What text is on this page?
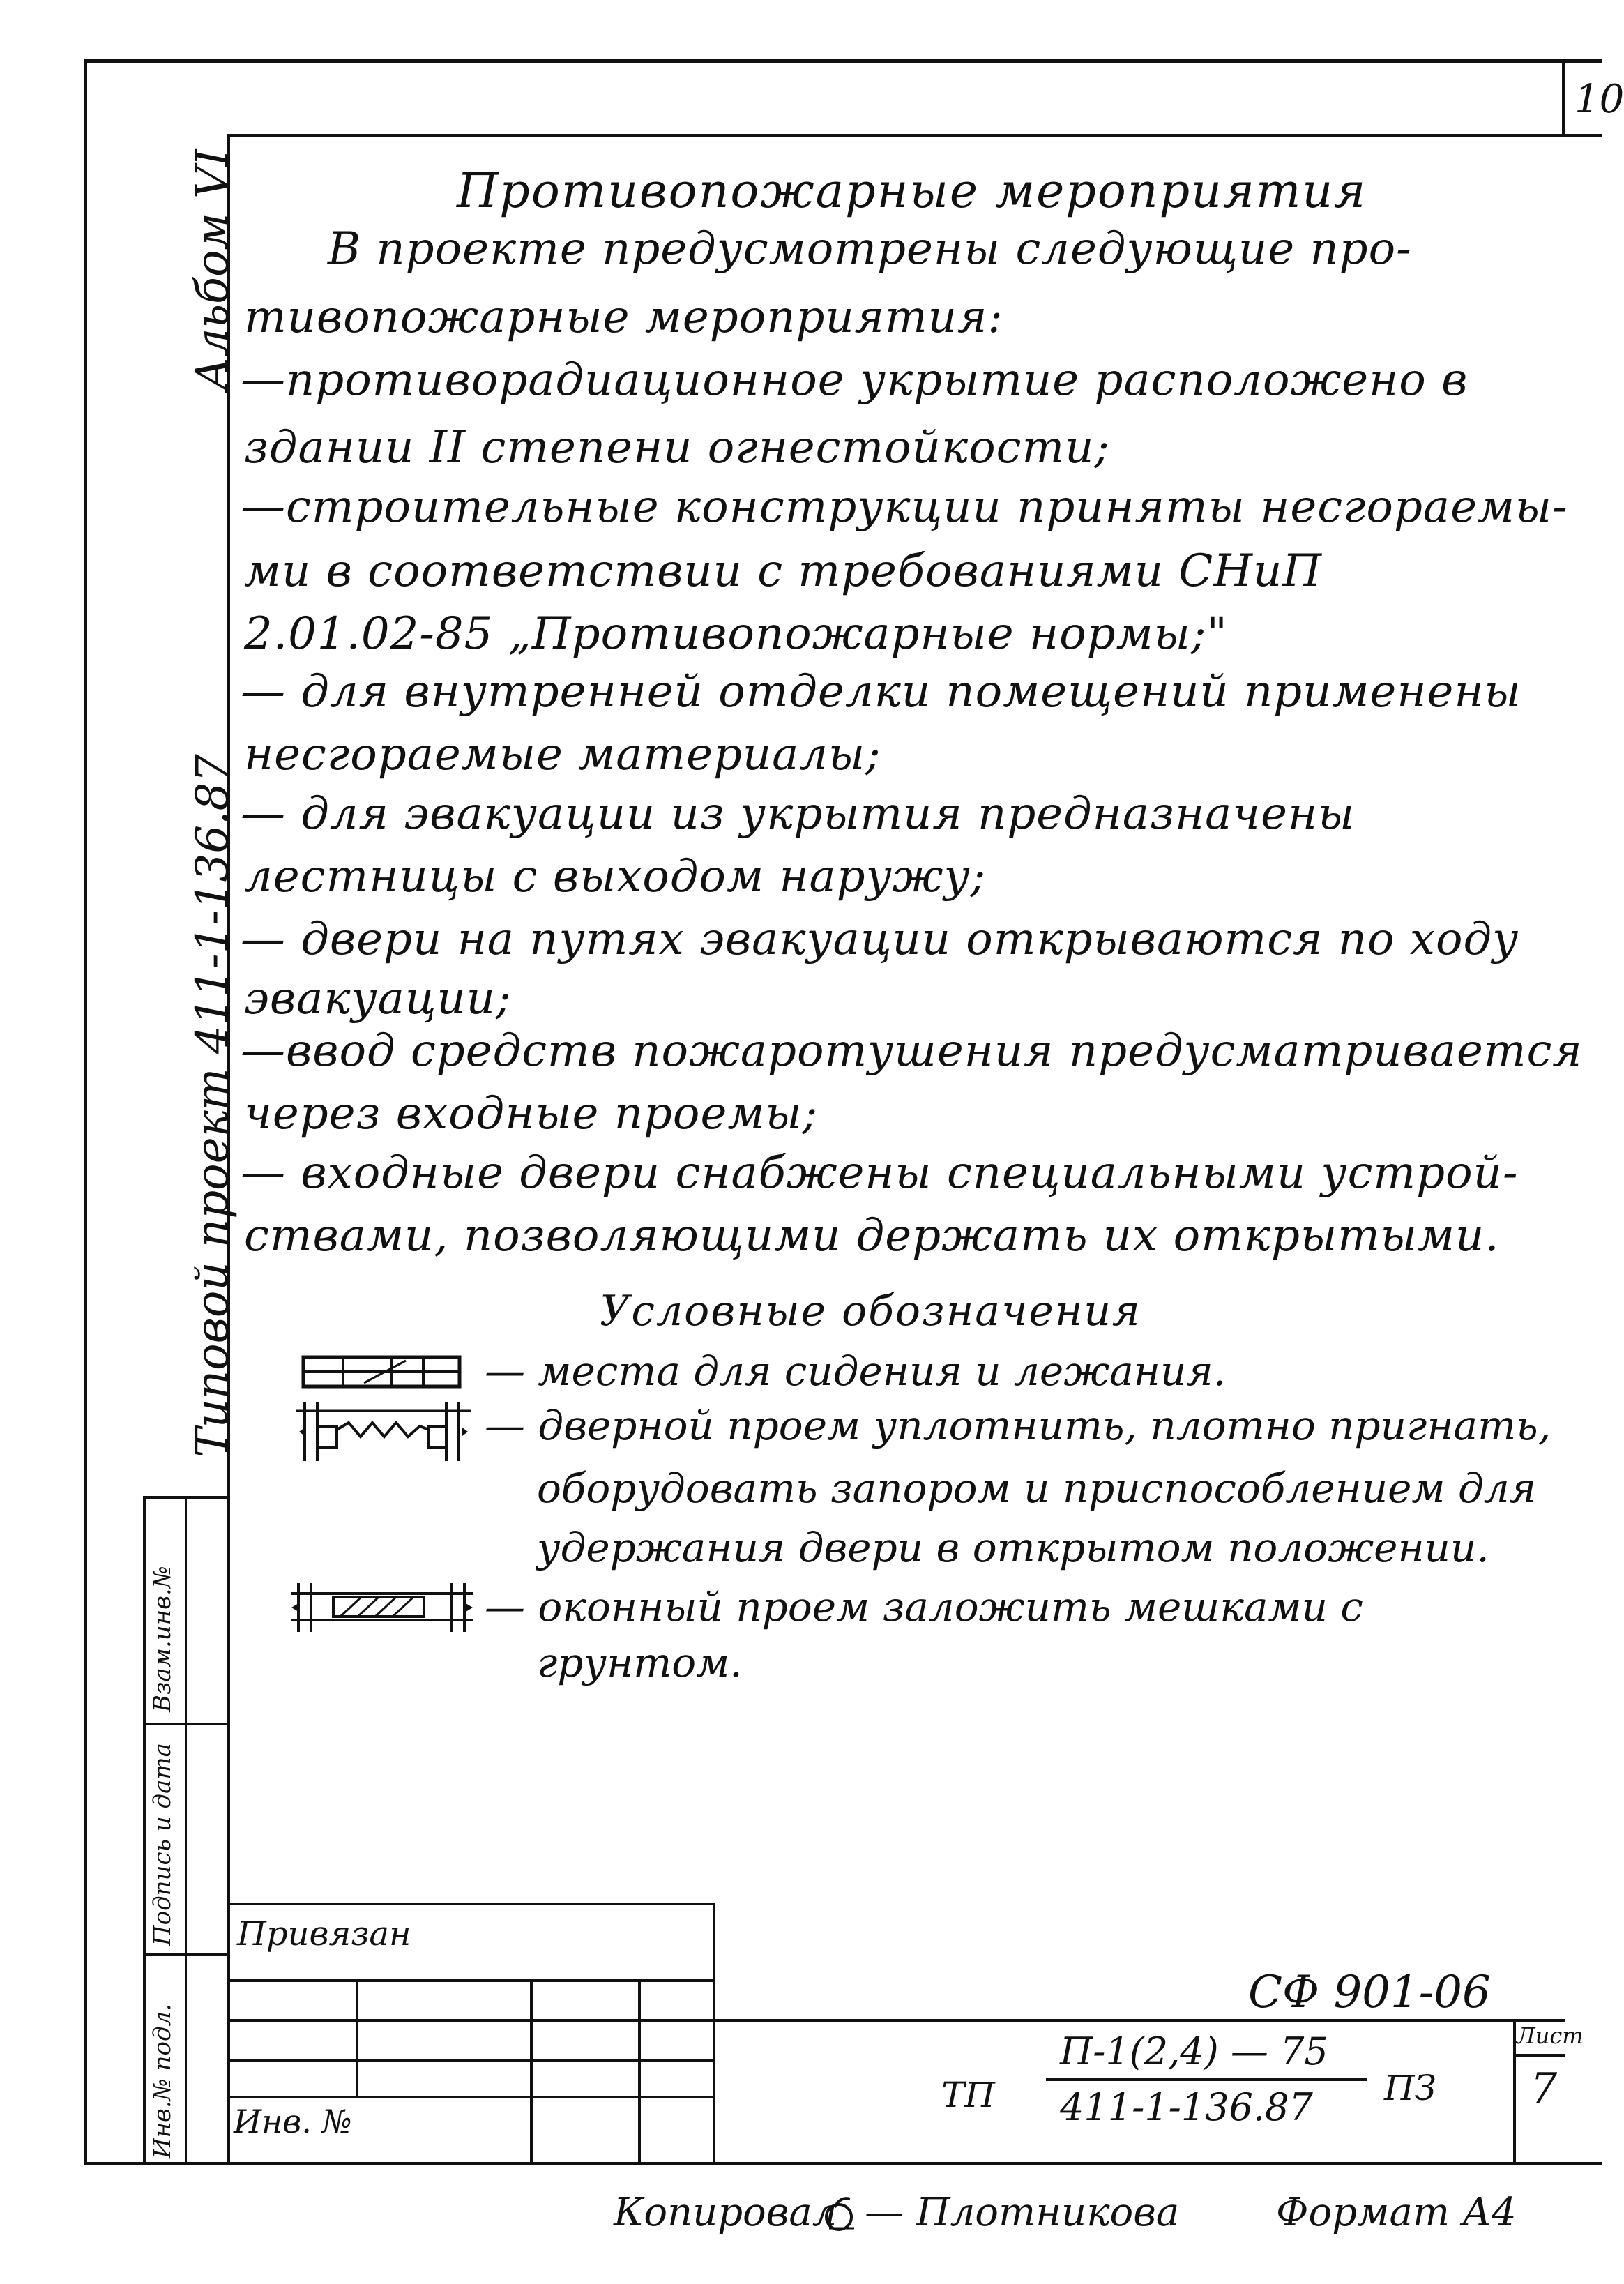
10
Альбом VI
Типовой проект 411-1-136.87
Взам.инв.№
Подпись и дата
Инв.№ подл.
Противопожарные мероприятия
В проекте предусмотрены следующие про-
тивопожарные мероприятия:
—противорадиационное укрытие расположено в
здании II степени огнестойкости;
—строительные конструкции приняты несгораемы-
ми в соответствии с требованиями СНиП
2.01.02-85 „Противопожарные нормы;"
— для внутренней отделки помещений применены
несгораемые материалы;
— для эвакуации из укрытия предназначены
лестницы с выходом наружу;
— двери на путях эвакуации открываются по ходу
эвакуации;
—ввод средств пожаротушения предусматривается
через входные проемы;
— входные двери снабжены специальными устрой-
ствами, позволяющими держать их открытыми.
Условные обозначения
— места для сидения и лежания.
— дверной проем уплотнить, плотно пригнать,
оборудовать запором и приспособлением для
удержания двери в открытом положении.
— оконный проем заложить мешками с
грунтом.
Привязан
Инв. №
СФ 901-06
ТП
П-1(2,4) — 75
411-1-136.87 ПЗ
Лист
7
Копировал — Плотникова Формат А4
